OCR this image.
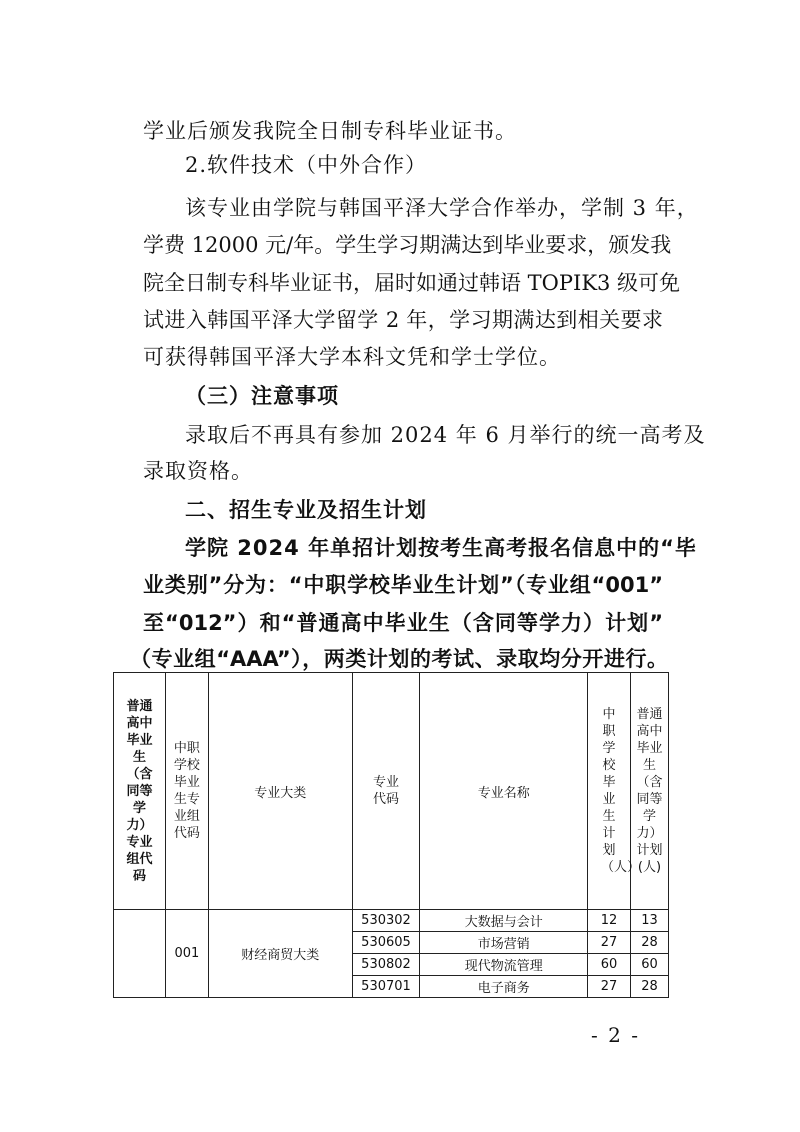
学业后颁发我院全日制专科毕业证书。
2.软件技术（中外合作）
该专业由学院与韩国平泽大学合作举办，学制 3 年，
学费 12000 元/年。学生学习期满达到毕业要求，颁发我
院全日制专科毕业证书，届时如通过韩语 TOPIK3 级可免
试进入韩国平泽大学留学 2 年，学习期满达到相关要求
可获得韩国平泽大学本科文凭和学士学位。
（三）注意事项
录取后不再具有参加 2024 年 6 月举行的统一高考及
录取资格。
二、招生专业及招生计划
学院 2024 年单招计划按考生高考报名信息中的“毕
业类别”分为：“中职学校毕业生计划”（专业组“001”
至“012”）和“普通高中毕业生（含同等学力）计划”
（专业组“AAA”），两类计划的考试、录取均分开进行。
普通高中毕业生（含同等学力）专业组代码	中职学校毕业生专业组代码	专业大类	专业代码	专业名称	中职学校毕业生计划（人）	普通高中毕业生（含同等学力）计划(人)
	001	财经商贸大类	530302	大数据与会计	12	13
			530605	市场营销	27	28
			530802	现代物流管理	60	60
			530701	电子商务	27	28
- 2 -
